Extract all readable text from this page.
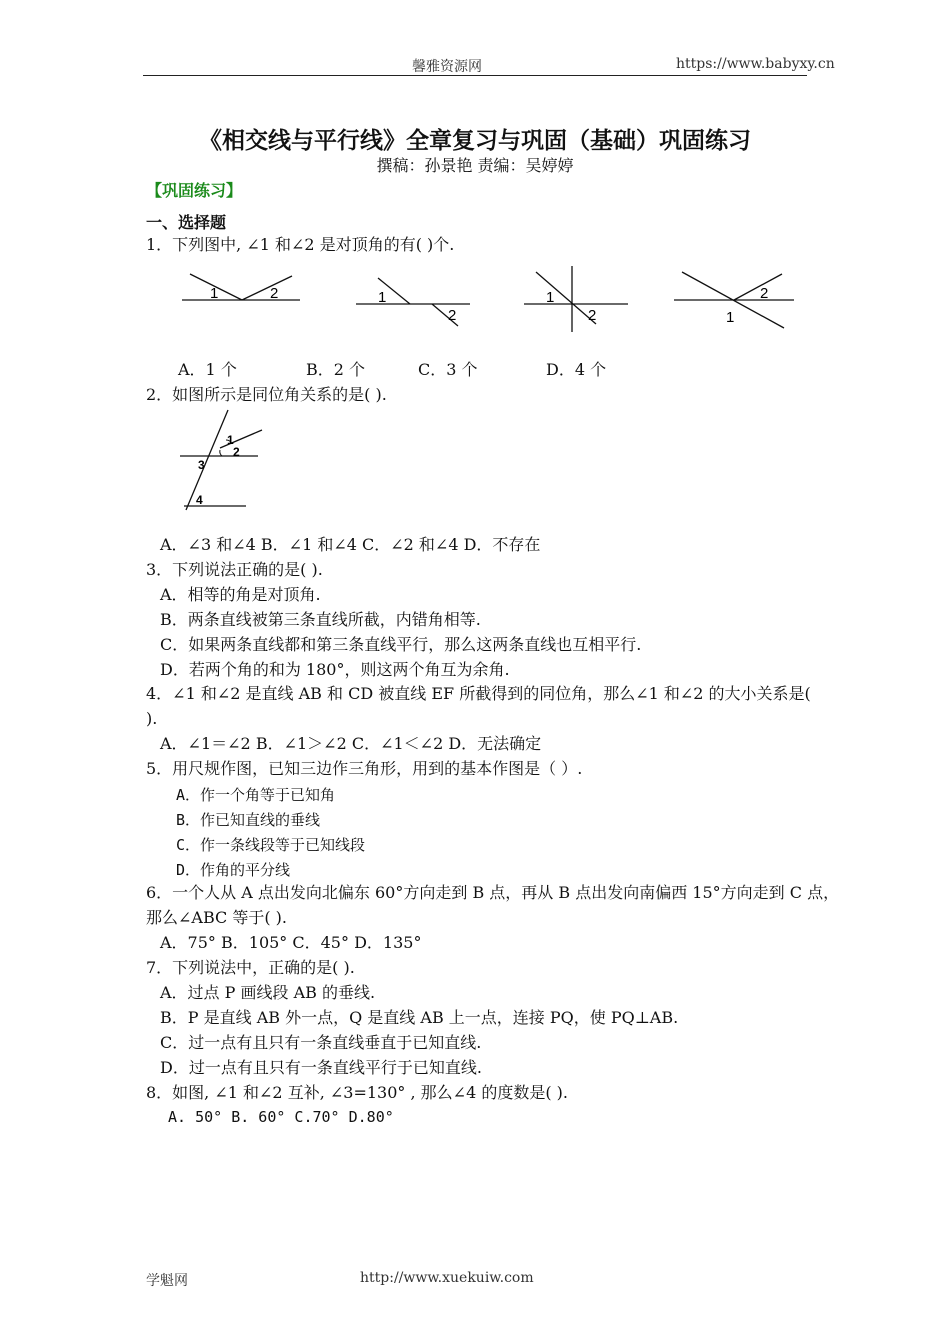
馨雅资源网	https://www.babyxy.cn
《相交线与平行线》全章复习与巩固（基础）巩固练习
撰稿：孙景艳 责编：吴婷婷
【巩固练习】
一、选择题
1．下列图中, ∠1 和∠2 是对顶角的有( )个.
1	2	1
2
1
2
2
1
A．1 个	B．2 个	C．3 个	D．4 个
2．如图所示是同位角关系的是( ).
1
2
3
4
A．∠3 和∠4 B．∠1 和∠4 C．∠2 和∠4 D．不存在
3．下列说法正确的是( ).
A．相等的角是对顶角.
B．两条直线被第三条直线所截，内错角相等.
C．如果两条直线都和第三条直线平行，那么这两条直线也互相平行.
D．若两个角的和为 180°，则这两个角互为余角.
4．∠1 和∠2 是直线 AB 和 CD 被直线 EF 所截得到的同位角，那么∠1 和∠2 的大小关系是(
).
A．∠1＝∠2 B．∠1＞∠2 C．∠1＜∠2 D．无法确定
5．用尺规作图，已知三边作三角形，用到的基本作图是（ ）.
A．作一个角等于已知角
B．作已知直线的垂线
C．作一条线段等于已知线段
D．作角的平分线
6．一个人从 A 点出发向北偏东 60°方向走到 B 点，再从 B 点出发向南偏西 15°方向走到 C 点，
那么∠ABC 等于( ).
A．75° B．105° C．45° D．135°
7．下列说法中，正确的是( ).
A．过点 P 画线段 AB 的垂线.
B．P 是直线 AB 外一点，Q 是直线 AB 上一点，连接 PQ，使 PQ⊥AB.
C．过一点有且只有一条直线垂直于已知直线.
D．过一点有且只有一条直线平行于已知直线.
8．如图, ∠1 和∠2 互补, ∠3=130° , 那么∠4 的度数是( ).
A. 50° B. 60° C.70° D.80°
学魁网	http://www.xuekuiw.com
